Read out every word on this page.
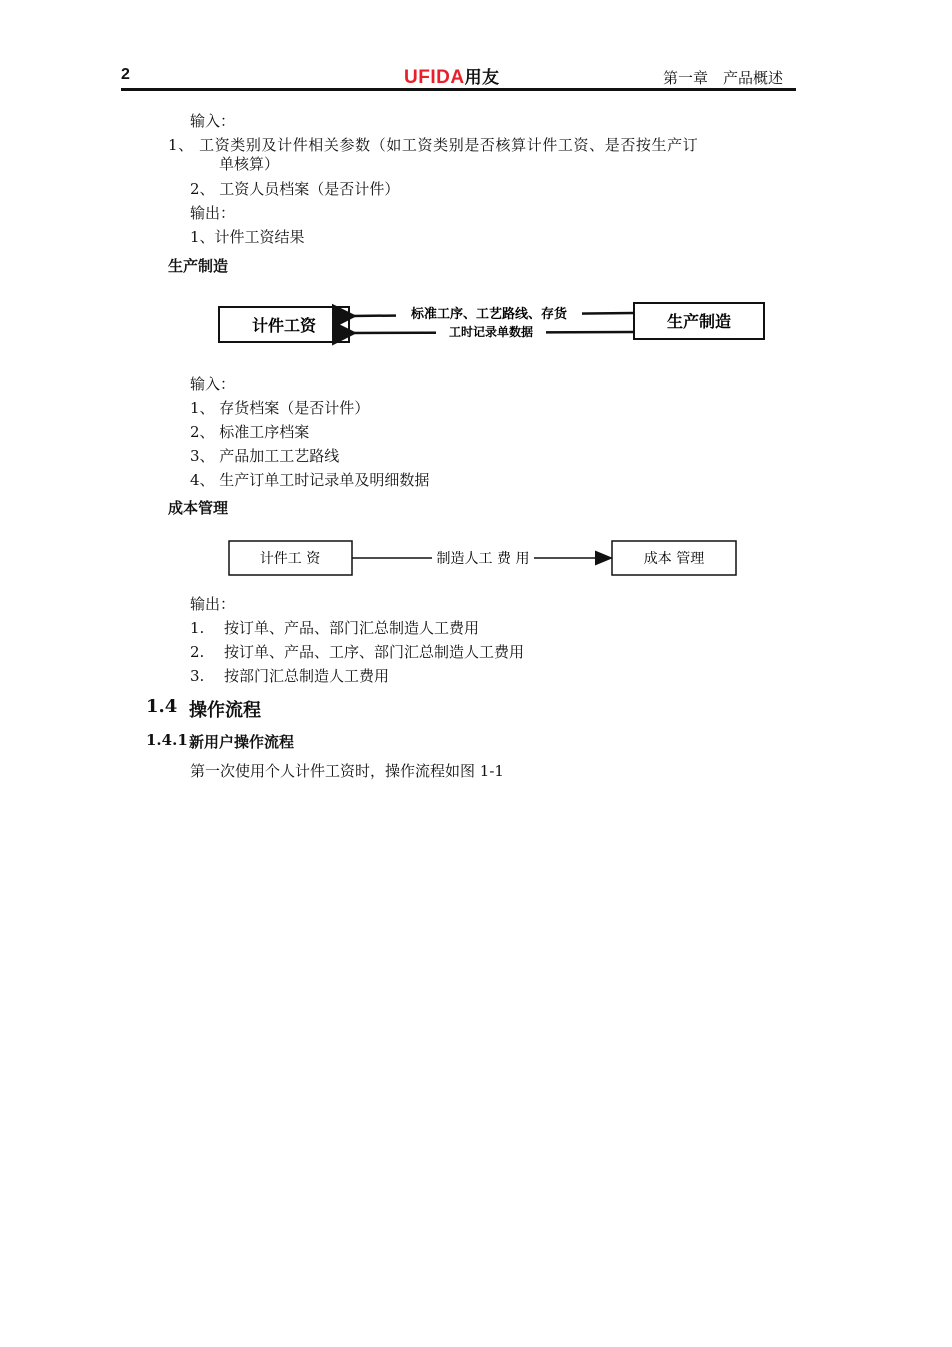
2	UFIDA用友	第一章　产品概述
输入：
1、 工资类别及计件相关参数（如工资类别是否核算计件工资、是否按生产订
单核算）
2、 工资人员档案（是否计件）
输出：
1、计件工资结果
生产制造
计件工资	生产制造
标准工序、工艺路线、存货
工时记录单数据
输入：
1、 存货档案（是否计件）
2、 标准工序档案
3、 产品加工工艺路线
4、 生产订单工时记录单及明细数据
成本管理
计件工 资	成本 管理
制造人工 费 用
输出：
1. 按订单、产品、部门汇总制造人工费用
2. 按订单、产品、工序、部门汇总制造人工费用
3. 按部门汇总制造人工费用
1.4 操作流程
1.4.1 新用户操作流程
第一次使用个人计件工资时，操作流程如图 1-1
